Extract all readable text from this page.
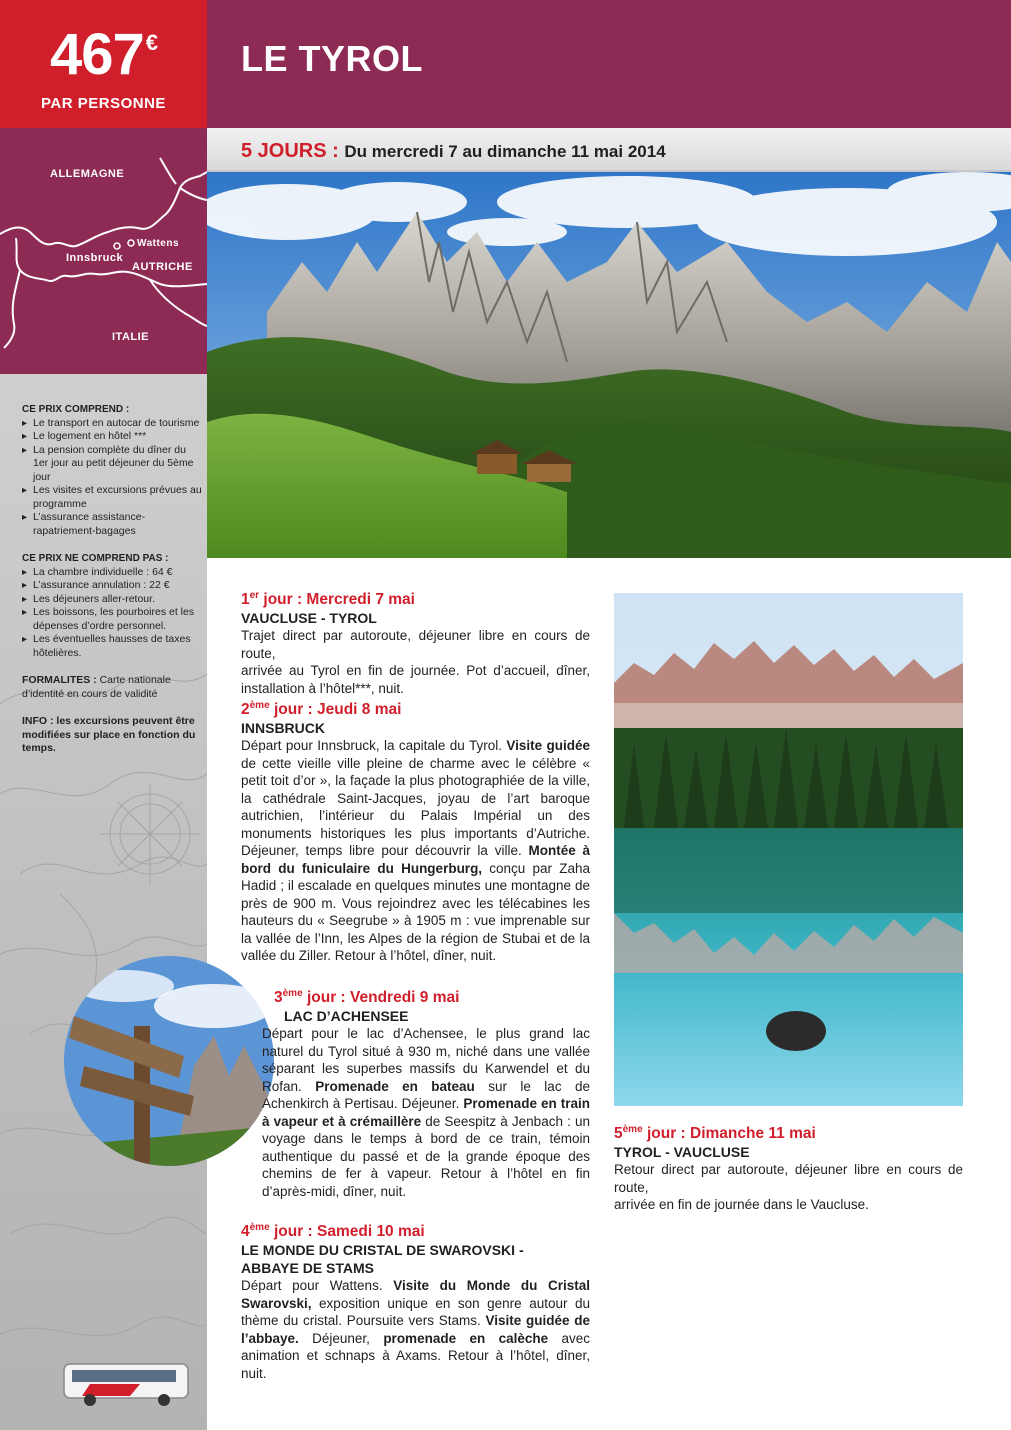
467€
PAR PERSONNE
LE TYROL
5 JOURS : Du mercredi 7 au dimanche 11 mai 2014
ALLEMAGNE
Innsbruck
Wattens
AUTRICHE
ITALIE
CE PRIX COMPREND :
▸ Le transport en autocar de tourisme
▸ Le logement en hôtel ***
▸ La pension complète du dîner du 1er jour au petit déjeuner du 5ème jour
▸ Les visites et excursions prévues au programme
▸ L’assurance assistance-rapatriement-bagages
CE PRIX NE COMPREND PAS :
▸ La chambre individuelle : 64 €
▸ L’assurance annulation : 22 €
▸ Les déjeuners aller-retour.
▸ Les boissons, les pourboires et les dépenses d’ordre personnel.
▸ Les éventuelles hausses de taxes hôtelières.
FORMALITES : Carte nationale d’identité en cours de validité
INFO : les excursions peuvent être modifiées sur place en fonction du temps.
1er jour : Mercredi 7 mai
VAUCLUSE - TYROL
Trajet direct par autoroute, déjeuner libre en cours de route,
arrivée au Tyrol en fin de journée. Pot d’accueil, dîner,
installation à l’hôtel***, nuit.
2ème jour : Jeudi 8 mai
INNSBRUCK
Départ pour Innsbruck, la capitale du Tyrol. Visite guidée de cette vieille ville pleine de charme avec le célèbre « petit toit d’or », la façade la plus photographiée de la ville, la cathédrale Saint-Jacques, joyau de l’art baroque autrichien, l’intérieur du Palais Impérial un des monuments historiques les plus importants d’Autriche. Déjeuner, temps libre pour découvrir la ville. Montée à bord du funiculaire du Hungerburg, conçu par Zaha Hadid ; il escalade en quelques minutes une montagne de près de 900 m. Vous rejoindrez avec les télécabines les hauteurs du « Seegrube » à 1905 m : vue imprenable sur la vallée de l’Inn, les Alpes de la région de Stubai et de la vallée du Ziller. Retour à l’hôtel, dîner, nuit.
3ème jour : Vendredi 9 mai
LAC D’ACHENSEE
Départ pour le lac d’Achensee, le plus grand lac naturel du Tyrol situé à 930 m, niché dans une vallée séparant les superbes massifs du Karwendel et du Rofan. Promenade en bateau sur le lac de Achenkirch à Pertisau. Déjeuner. Promenade en train à vapeur et à crémaillère de Seespitz à Jenbach : un voyage dans le temps à bord de ce train, témoin authentique du passé et de la grande époque des chemins de fer à vapeur. Retour à l’hôtel en fin d’après-midi, dîner, nuit.
4ème jour : Samedi 10 mai
LE MONDE DU CRISTAL DE SWAROVSKI -
ABBAYE DE STAMS
Départ pour Wattens. Visite du Monde du Cristal Swarovski, exposition unique en son genre autour du thème du cristal. Poursuite vers Stams. Visite guidée de l’abbaye. Déjeuner, promenade en calèche avec animation et schnaps à Axams. Retour à l’hôtel, dîner, nuit.
5ème jour : Dimanche 11 mai
TYROL - VAUCLUSE
Retour direct par autoroute, déjeuner libre en cours de route,
arrivée en fin de journée dans le Vaucluse.
